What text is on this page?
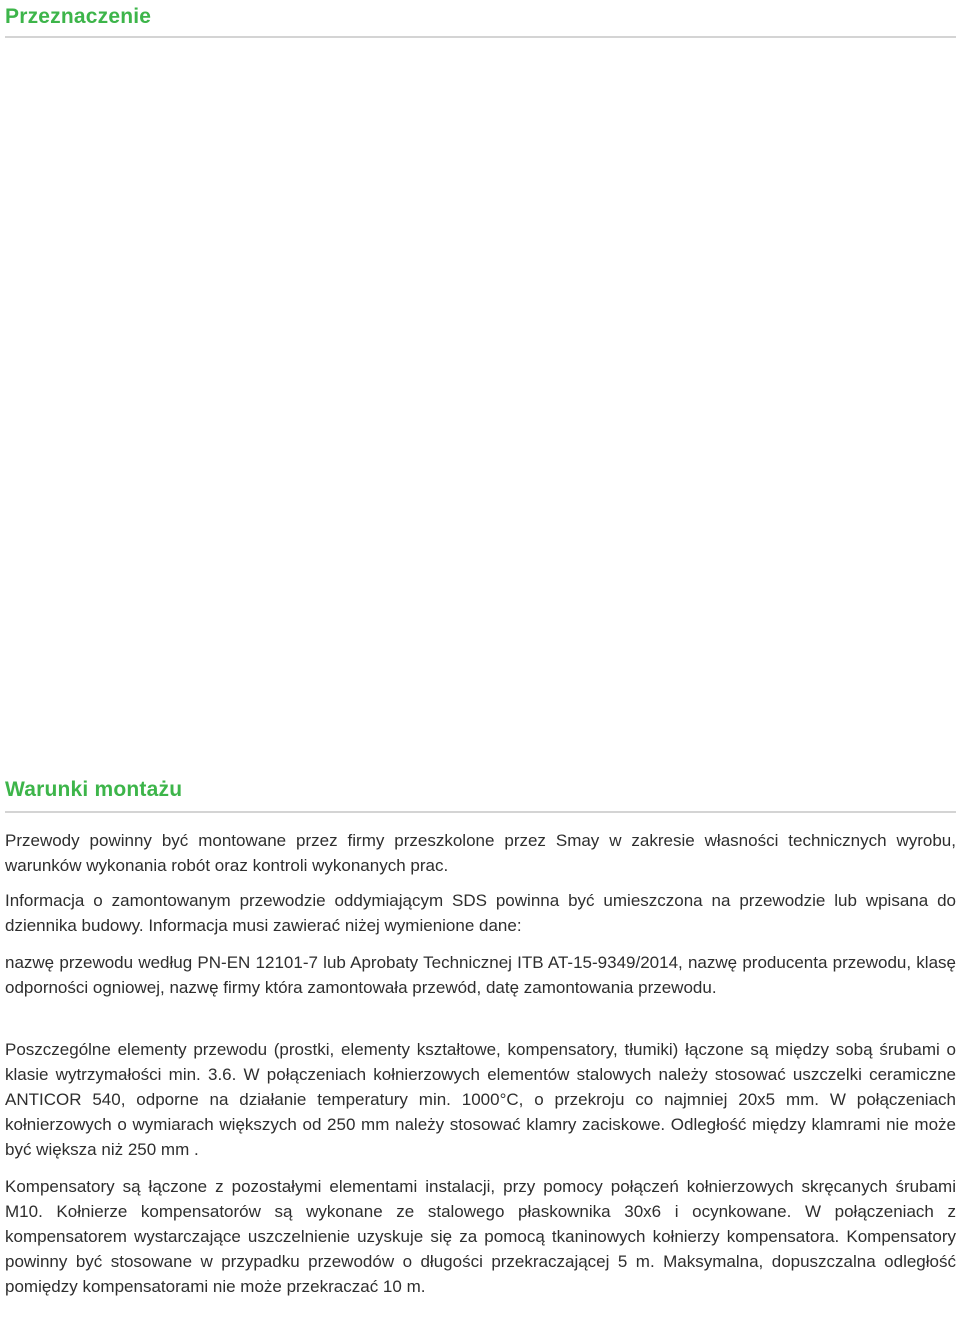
Przeznaczenie
Warunki montażu

Przewody powinny być montowane przez firmy przeszkolone przez Smay w zakresie własności technicznych wyrobu, warunków wykonania robót oraz kontroli wykonanych prac.

Informacja o zamontowanym przewodzie oddymiającym SDS powinna być umieszczona na przewodzie lub wpisana do dziennika budowy. Informacja musi zawierać niżej wymienione dane:

nazwę przewodu według PN-EN 12101-7 lub Aprobaty Technicznej ITB AT-15-9349/2014, nazwę producenta przewodu, klasę odporności ogniowej, nazwę firmy która zamontowała przewód, datę zamontowania przewodu.

Poszczególne elementy przewodu (prostki, elementy kształtowe, kompensatory, tłumiki) łączone są między sobą śrubami o klasie wytrzymałości min. 3.6. W połączeniach kołnierzowych elementów stalowych należy stosować uszczelki ceramiczne ANTICOR 540, odporne na działanie temperatury min. 1000°C, o przekroju co najmniej 20x5 mm. W połączeniach kołnierzowych o wymiarach większych od 250 mm należy stosować klamry zaciskowe. Odległość między klamrami nie może być większa niż 250 mm .

Kompensatory są łączone z pozostałymi elementami instalacji, przy pomocy połączeń kołnierzowych skręcanych śrubami M10. Kołnierze kompensatorów są wykonane ze stalowego płaskownika 30x6 i ocynkowane. W połączeniach z kompensatorem wystarczające uszczelnienie uzyskuje się za pomocą tkaninowych kołnierzy kompensatora. Kompensatory powinny być stosowane w przypadku przewodów o długości przekraczającej 5 m. Maksymalna, dopuszczalna odległość pomiędzy kompensatorami nie może przekraczać 10 m.
